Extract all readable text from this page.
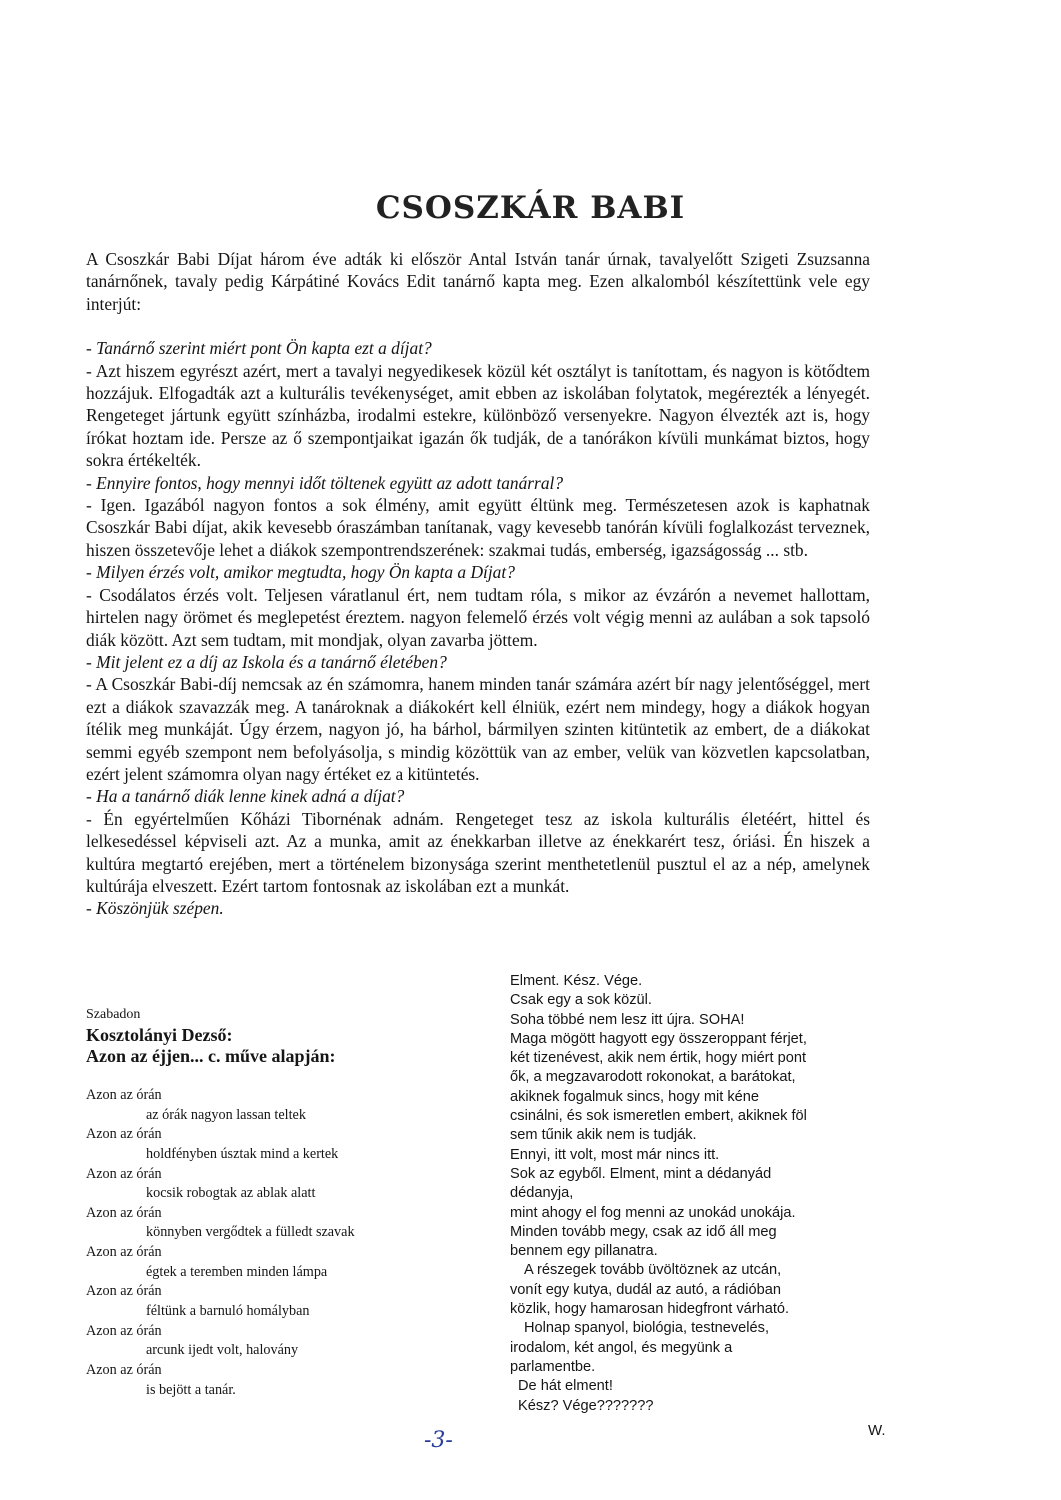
CSOSZKÁR BABI

A Csoszkár Babi Díjat három éve adták ki először Antal István tanár úrnak, tavalyelőtt Szigeti Zsuzsanna tanárnőnek, tavaly pedig Kárpátiné Kovács Edit tanárnő kapta meg. Ezen alkalomból készítettünk vele egy interjút:

- Tanárnő szerint miért pont Ön kapta ezt a díjat?

- Azt hiszem egyrészt azért, mert a tavalyi negyedikesek közül két osztályt is tanítottam, és nagyon is kötődtem hozzájuk. Elfogadták azt a kulturális tevékenységet, amit ebben az iskolában folytatok, megérezték a lényegét. Rengeteget jártunk együtt színházba, irodalmi estekre, különböző versenyekre. Nagyon élvezték azt is, hogy írókat hoztam ide. Persze az ő szempontjaikat igazán ők tudják, de a tanórákon kívüli munkámat biztos, hogy sokra értékelték.

- Ennyire fontos, hogy mennyi időt töltenek együtt az adott tanárral?

- Igen. Igazából nagyon fontos a sok élmény, amit együtt éltünk meg. Természetesen azok is kaphatnak Csoszkár Babi díjat, akik kevesebb óraszámban tanítanak, vagy kevesebb tanórán kívüli foglalkozást terveznek, hiszen összetevője lehet a diákok szempontrendszerének: szakmai tudás, emberség, igazságosság ... stb.

- Milyen érzés volt, amikor megtudta, hogy Ön kapta a Díjat?

- Csodálatos érzés volt. Teljesen váratlanul ért, nem tudtam róla, s mikor az évzárón a nevemet hallottam, hirtelen nagy örömet és meglepetést éreztem. nagyon felemelő érzés volt végig menni az aulában a sok tapsoló diák között. Azt sem tudtam, mit mondjak, olyan zavarba jöttem.

- Mit jelent ez a díj az Iskola és a tanárnő életében?

- A Csoszkár Babi-díj nemcsak az én számomra, hanem minden tanár számára azért bír nagy jelentőséggel, mert ezt a diákok szavazzák meg. A tanároknak a diákokért kell élniük, ezért nem mindegy, hogy a diákok hogyan ítélik meg munkáját. Úgy érzem, nagyon jó, ha bárhol, bármilyen szinten kitüntetik az embert, de a diákokat semmi egyéb szempont nem befolyásolja, s mindig közöttük van az ember, velük van közvetlen kapcsolatban, ezért jelent számomra olyan nagy értéket ez a kitüntetés.

- Ha a tanárnő diák lenne kinek adná a díjat?

- Én egyértelműen Kőházi Tibornénak adnám. Rengeteget tesz az iskola kulturális életéért, hittel és lelkesedéssel képviseli azt. Az a munka, amit az énekkarban illetve az énekkarért tesz, óriási. Én hiszek a kultúra megtartó erejében, mert a történelem bizonysága szerint menthetetlenül pusztul el az a nép, amelynek kultúrája elveszett. Ezért tartom fontosnak az iskolában ezt a munkát.

- Köszönjük szépen.

Szabadon

Kosztolányi Dezső:

Azon az éjjen... c. műve alapján:

Azon az órán

az órák nagyon lassan teltek

Azon az órán

holdfényben úsztak mind a kertek

Azon az órán

kocsik robogtak az ablak alatt

Azon az órán

könnyben vergődtek a fülledt szavak

Azon az órán

égtek a teremben minden lámpa

Azon az órán

féltünk a barnuló homályban

Azon az órán

arcunk ijedt volt, halovány

Azon az órán

is bejött a tanár.

Elment. Kész. Vége.

Csak egy a sok közül.

Soha többé nem lesz itt újra. SOHA!

Maga mögött hagyott egy összeroppant férjet,

két tizenévest, akik nem értik, hogy miért pont

ők, a megzavarodott rokonokat, a barátokat,

akiknek fogalmuk sincs, hogy mit kéne

csinálni, és sok ismeretlen embert, akiknek föl

sem tűnik akik nem is tudják.

Ennyi, itt volt, most már nincs itt.

Sok az egyből. Elment, mint a dédanyád

dédanyja,

mint ahogy el fog menni az unokád unokája.

Minden tovább megy, csak az idő áll meg

bennem egy pillanatra.

A részegek tovább üvöltöznek az utcán,

vonít egy kutya, dudál az autó, a rádióban

közlik, hogy hamarosan hidegfront várható.

Holnap spanyol, biológia, testnevelés,

irodalom, két angol, és megyünk a

parlamentbe.

De hát elment!

Kész? Vége???????

-3-	W.
